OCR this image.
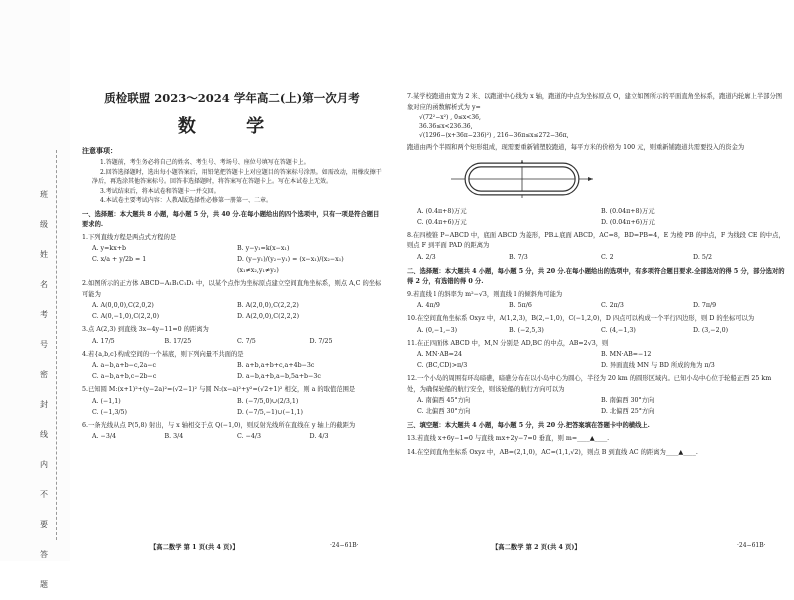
班 级 姓 名 考 号 密 封 线 内 不 要 答 题
质检联盟 2023～2024 学年高二(上)第一次月考
数 学
注意事项：
1.答题前，考生务必将自己的姓名、考生号、考场号、座位号填写在答题卡上。
2.回答选择题时，选出每小题答案后，用铅笔把答题卡上对应题目的答案标号涂黑。如需改动，用橡皮擦干净后，再选涂其他答案标号。回答非选择题时，将答案写在答题卡上。写在本试卷上无效。
3.考试结束后，将本试卷和答题卡一并交回。
4.本试卷主要考试内容：人教A版选择性必修第一册第一、二章。
一、选择题：本大题共 8 小题，每小题 5 分，共 40 分.在每小题给出的四个选项中，只有一项是符合题目要求的.
1.下列直线方程是两点式方程的是
A. y=kx+b	B. y−y₁=k(x−x₁)
C. x/a + y/2b = 1	D. (y−y₁)/(y₂−y₁) = (x−x₁)/(x₂−x₁) (x₁≠x₂,y₁≠y₂)
2.如图所示的正方体 ABCD−A₁B₁C₁D₁ 中，以某个点作为坐标原点建立空间直角坐标系，则点 A,C 的坐标可能为
A. A(0,0,0),C(2,0,2)	B. A(2,0,0),C(2,2,2)
C. A(0,−1,0),C(2,2,0)	D. A(2,0,0),C(2,2,2)
3.点 A(2,3) 到直线 3x−4y−11=0 的距离为
A. 17/5	B. 17/25	C. 7/5	D. 7/25
4.若{a,b,c}构成空间的一个基底，则下列向量不共面的是
A. a−b,a+b−c,2a−c	B. a+b,a+b+c,a+4b−3c
C. a−b,a+b,c−2b−c	D. a−b,a+b,a−b,5a+b−3c
5.已知圆 M:(x+1)²+(y−2a)²=(√2−1)² 与圆 N:(x−a)²+y²=(√2+1)² 相交，则 a 的取值范围是
A. (−1,1)	B. (−7/5,0)∪(2/3,1)
C. (−1,3/5)	D. (−7/5,−1)∪(−1,1)
6.一条光线从点 P(5,8) 射出，与 x 轴相交于点 Q(−1,0)，则反射光线所在直线在 y 轴上的截距为
A. −3/4	B. 3/4	C. −4/3	D. 4/3
【高二数学 第 1 页(共 4 页)】	·24−61B·
7.某学校跑道由宽为 2 米、以跑道中心线为 x 轴，跑道的中点为坐标原点 O，建立如图所示的平面直角坐标系，跑道内轮廓上半部分图象对应的函数解析式为 y=
√(72²−x²) , 0≤x<36,
36.36≤x<236.36,
√(1296−(x+36π−236)²) , 216−36π≤x≤272−36π,
跑道由两个半圆和两个矩形组成，现需要重新铺塑胶跑道，每平方米的价格为 100 元，则重新铺跑道共需要投入的资金为
A. (0.4π+8)万元	B. (0.04π+8)万元
C. (0.4π+6)万元	D. (0.04π+6)万元
8.在四棱锥 P−ABCD 中，底面 ABCD 为菱形，PB⊥底面 ABCD，AC=8，BD=PB=4，E 为棱 PB 的中点，F 为线段 CE 的中点，则点 F 到平面 PAD 的距离为
A. 2/3	B. 7/3	C. 2	D. 5/2
二、选择题：本大题共 4 小题，每小题 5 分，共 20 分.在每小题给出的选项中，有多项符合题目要求.全部选对的得 5 分，部分选对的得 2 分，有选错的得 0 分.
9.若直线 l 的斜率为 m²−√3，则直线 l 的倾斜角可能为
A. 4π/9	B. 5π/6	C. 2π/3	D. 7π/9
10.在空间直角坐标系 Oxyz 中，A(1,2,3)，B(2,−1,0)，C(−1,2,0)，D 四点可以构成一个平行四边形，则 D 的坐标可以为
A. (0,−1,−3)	B. (−2,5,3)	C. (4,−1,3)	D. (3,−2,0)
11.在正四面体 ABCD 中，M,N 分别是 AD,BC 的中点，AB=2√3，则
A. MN·AB=24	B. MN·AB=−12
C. ⟨BC,CD⟩>π/3	D. 异面直线 MN 与 BD 所成的角为 π/3
12.一个小岛的周围有环岛暗礁，暗礁分布在以小岛中心为圆心，半径为 20 km 的圆形区域内。已知小岛中心位于轮船正西 25 km 处，为确保轮船的航行安全，则该轮船的航行方向可以为
A. 南偏西 45°方向	B. 南偏西 30°方向
C. 北偏西 30°方向	D. 北偏西 25°方向
三、填空题：本大题共 4 小题，每小题 5 分，共 20 分.把答案填在答题卡中的横线上.
13.若直线 x+6y−1=0 与直线 mx+2y−7=0 垂直，则 m=____▲____.
14.在空间直角坐标系 Oxyz 中，AB=(2,1,0)，AC=(1,1,√2)，则点 B 到直线 AC 的距离为____▲____.
【高二数学 第 2 页(共 4 页)】	·24−61B·
